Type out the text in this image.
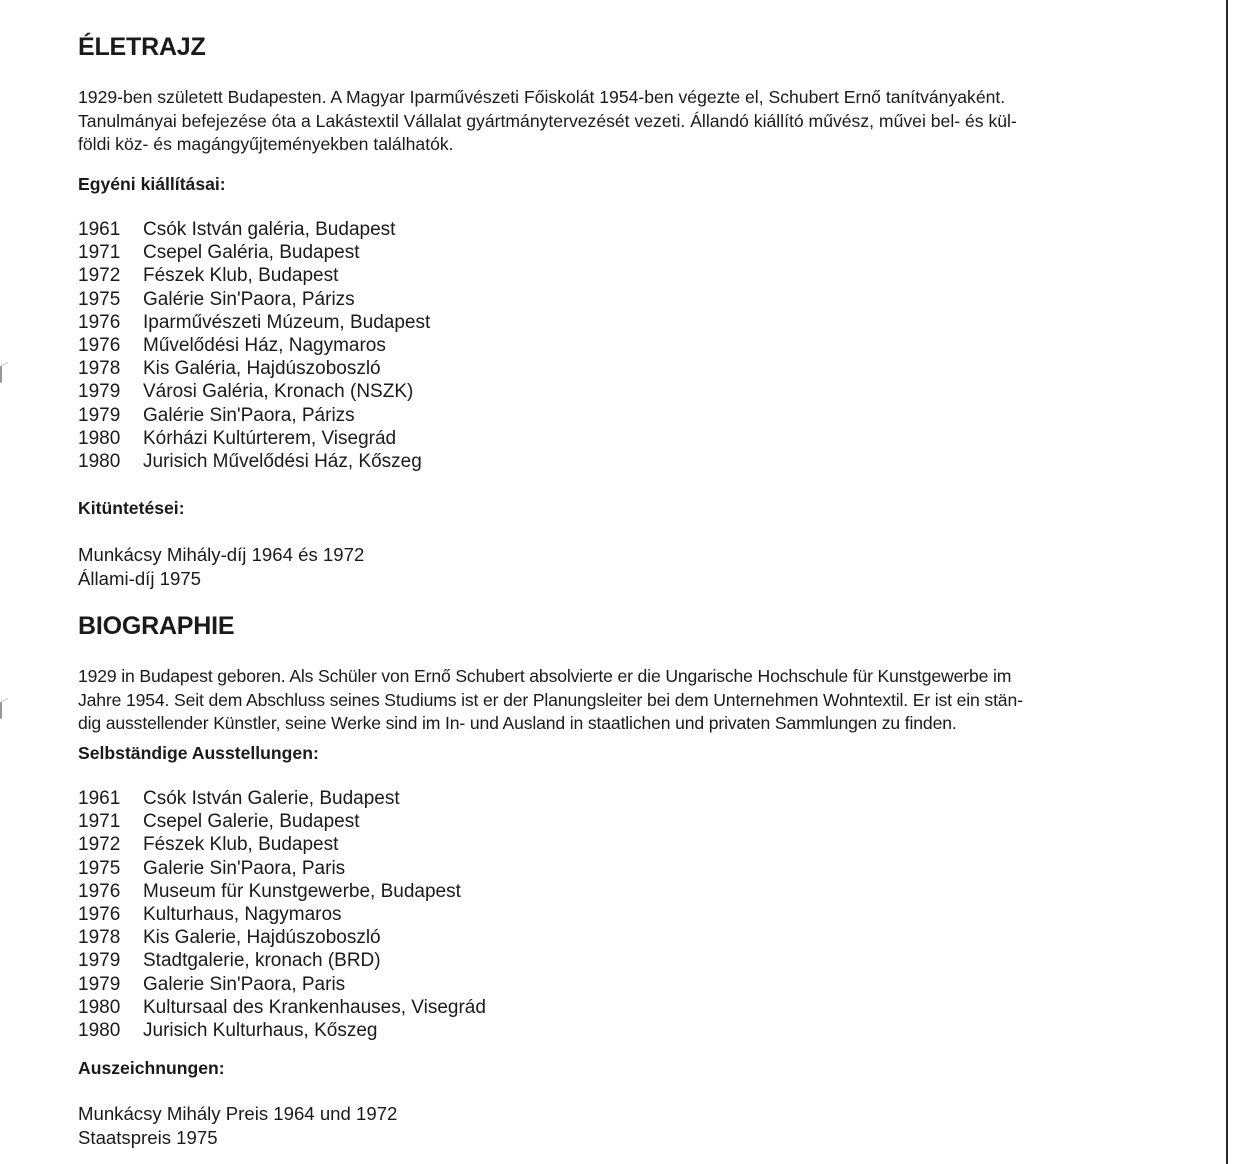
ÉLETRAJZ

1929-ben született Budapesten. A Magyar Iparművészeti Főiskolát 1954-ben végezte el, Schubert Ernő tanítványaként.

Tanulmányai befejezése óta a Lakástextil Vállalat gyártmánytervezését vezeti. Állandó kiállító művész, művei bel- és kül-

földi köz- és magángyűjteményekben találhatók.

Egyéni kiállításai:
1961 Csók István galéria, Budapest
1971 Csepel Galéria, Budapest
1972 Fészek Klub, Budapest
1975 Galérie Sin'Paora, Párizs
1976 Iparművészeti Múzeum, Budapest
1976 Művelődési Ház, Nagymaros
1978 Kis Galéria, Hajdúszoboszló
1979 Városi Galéria, Kronach (NSZK)
1979 Galérie Sin'Paora, Párizs
1980 Kórházi Kultúrterem, Visegrád
1980 Jurisich Művelődési Ház, Kőszeg
Kitüntetései:

Munkácsy Mihály-díj 1964 és 1972

Állami-díj 1975

BIOGRAPHIE

1929 in Budapest geboren. Als Schüler von Ernő Schubert absolvierte er die Ungarische Hochschule für Kunstgewerbe im

Jahre 1954. Seit dem Abschluss seines Studiums ist er der Planungsleiter bei dem Unternehmen Wohntextil. Er ist ein stän-

dig ausstellender Künstler, seine Werke sind im In- und Ausland in staatlichen und privaten Sammlungen zu finden.

Selbständige Ausstellungen:
1961 Csók István Galerie, Budapest
1971 Csepel Galerie, Budapest
1972 Fészek Klub, Budapest
1975 Galerie Sin'Paora, Paris
1976 Museum für Kunstgewerbe, Budapest
1976 Kulturhaus, Nagymaros
1978 Kis Galerie, Hajdúszoboszló
1979 Stadtgalerie, kronach (BRD)
1979 Galerie Sin'Paora, Paris
1980 Kultursaal des Krankenhauses, Visegrád
1980 Jurisich Kulturhaus, Kőszeg
Auszeichnungen:

Munkácsy Mihály Preis 1964 und 1972

Staatspreis 1975
